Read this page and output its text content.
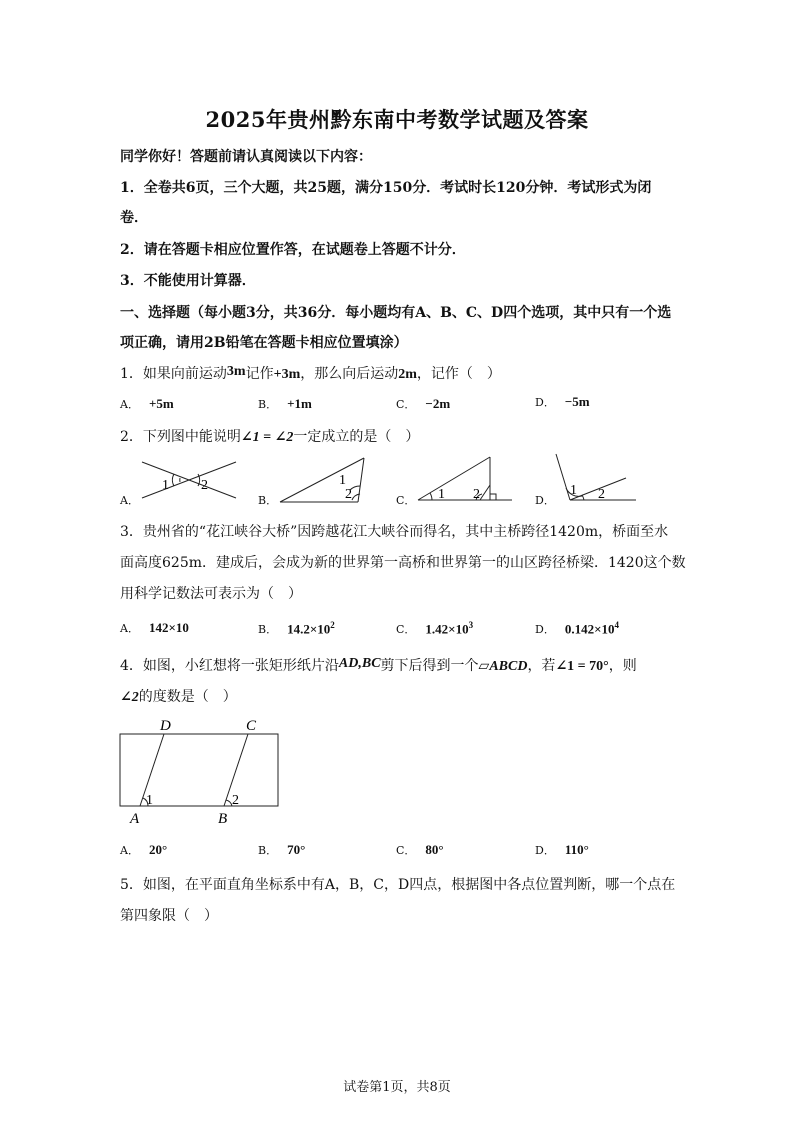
2025年贵州黔东南中考数学试题及答案
同学你好！答题前请认真阅读以下内容：
1．全卷共6页，三个大题，共25题，满分150分．考试时长120分钟．考试形式为闭
卷．
2．请在答题卡相应位置作答，在试题卷上答题不计分．
3．不能使用计算器．
一、选择题（每小题3分，共36分．每小题均有A、B、C、D四个选项，其中只有一个选
项正确，请用2B铅笔在答题卡相应位置填涂）
1．如果向前运动3m记作+3m，那么向后运动2m，记作（　）
A． +5m	B． +1m	C． −2m	D． −5m
2．下列图中能说明∠1 = ∠2一定成立的是（　）
A．	B．	C．	D．
1 2	1
2	1 2	1 2
3．贵州省的“花江峡谷大桥”因跨越花江大峡谷而得名，其中主桥跨径1420m，桥面至水
面高度625m．建成后，会成为新的世界第一高桥和世界第一的山区跨径桥梁．1420这个数
用科学记数法可表示为（　）
A． 142×10	B． $14.2\times 10^2$	C． $1.42\times 10^3$	D． $0.142\times 10^4$
4．如图，小红想将一张矩形纸片沿AD,BC剪下后得到一个▱ABCD，若∠1 = 70°，则
∠2的度数是（　）
D	C
A	B
1	2
A． 20°	B． 70°	C． 80°	D． 110°
5．如图，在平面直角坐标系中有A，B，C，D四点，根据图中各点位置判断，哪一个点在
第四象限（　）
试卷第1页，共8页
